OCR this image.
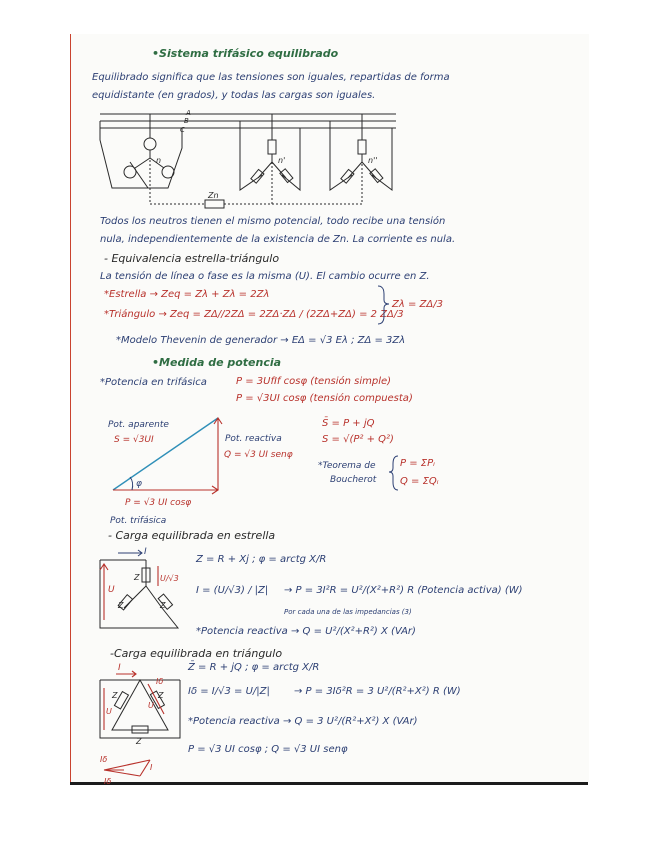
•Sistema trifásico equilibrado
Equilibrado significa que las tensiones son iguales, repartidas de forma
equidistante (en grados), y todas las cargas son iguales.
A
B
C
n	n'	n''
Zn
Todos los neutros tienen el mismo potencial, todo recibe una tensión
nula, independientemente de la existencia de Zn. La corriente es nula.
- Equivalencia estrella-triángulo
La tensión de línea o fase es la misma (U). El cambio ocurre en Z.
*Estrella → Zeq = Zλ + Zλ = 2Zλ
*Triángulo → Zeq = ZΔ//2ZΔ = 2ZΔ·ZΔ / (2ZΔ+ZΔ) = 2 ZΔ/3
Zλ = ZΔ/3
*Modelo Thevenin de generador → EΔ = √3 Eλ ; ZΔ = 3Zλ
•Medida de potencia
*Potencia en trifásica	P = 3UfIf cosφ (tensión simple)
P = √3UI cosφ (tensión compuesta)
Pot. aparente
S = √3UI	Pot. reactiva
Q = √3 UI senφ
φ
P = √3 UI cosφ
Pot. trifásica
S̄ = P + jQ
S = √(P² + Q²)
*Teorema de
Boucherot
P = ΣPᵢ
Q = ΣQᵢ
- Carga equilibrada en estrella
I
U
U/√3
Z
Z	Z
Z = R + Xj ; φ = arctg X/R
I = (U/√3) / |Z| → P = 3I²R = U²/(X²+R²) R (Potencia activa) (W)
Por cada una de las impedancias (3)
*Potencia reactiva → Q = U²/(X²+R²) X (VAr)
-Carga equilibrada en triángulo
I
Iδ
U
U
Z	Z
Z
Z̄ = R + jQ ; φ = arctg X/R
Iδ = I/√3 = U/|Z| → P = 3Iδ²R = 3 U²/(R²+X²) R (W)
*Potencia reactiva → Q = 3 U²/(R²+X²) X (VAr)
P = √3 UI cosφ ; Q = √3 UI senφ
Iδ
I
Iδ
